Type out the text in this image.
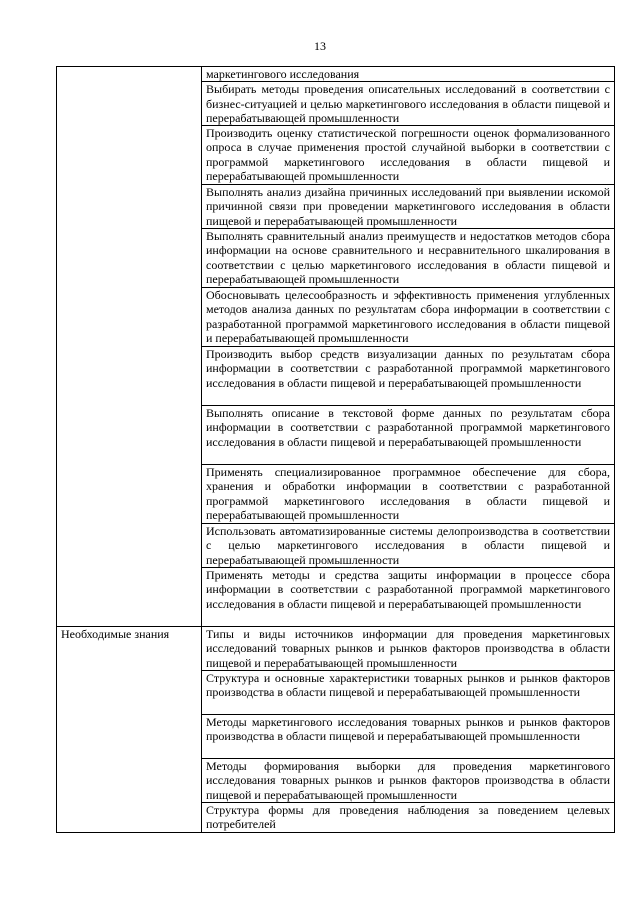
13
	маркетингового исследования
	Выбирать методы проведения описательных исследований в соответствии с бизнес-ситуацией и целью маркетингового исследования в области пищевой и перерабатывающей промышленности
	Производить оценку статистической погрешности оценок формализованного опроса в случае применения простой случайной выборки в соответствии с программой маркетингового исследования в области пищевой и перерабатывающей промышленности
	Выполнять анализ дизайна причинных исследований при выявлении искомой причинной связи при проведении маркетингового исследования в области пищевой и перерабатывающей промышленности
	Выполнять сравнительный анализ преимуществ и недостатков методов сбора информации на основе сравнительного и несравнительного шкалирования в соответствии с целью маркетингового исследования в области пищевой и перерабатывающей промышленности
	Обосновывать целесообразность и эффективность применения углубленных методов анализа данных по результатам сбора информации в соответствии с разработанной программой маркетингового исследования в области пищевой и перерабатывающей промышленности
	Производить выбор средств визуализации данных по результатам сбора информации в соответствии с разработанной программой маркетингового исследования в области пищевой и перерабатывающей промышленности
	Выполнять описание в текстовой форме данных по результатам сбора информации в соответствии с разработанной программой маркетингового исследования в области пищевой и перерабатывающей промышленности
	Применять специализированное программное обеспечение для сбора, хранения и обработки информации в соответствии с разработанной программой маркетингового исследования в области пищевой и перерабатывающей промышленности
	Использовать автоматизированные системы делопроизводства в соответствии с целью маркетингового исследования в области пищевой и перерабатывающей промышленности
	Применять методы и средства защиты информации в процессе сбора информации в соответствии с разработанной программой маркетингового исследования в области пищевой и перерабатывающей промышленности
Необходимые знания	Типы и виды источников информации для проведения маркетинговых исследований товарных рынков и рынков факторов производства в области пищевой и перерабатывающей промышленности
	Структура и основные характеристики товарных рынков и рынков факторов производства в области пищевой и перерабатывающей промышленности
	Методы маркетингового исследования товарных рынков и рынков факторов производства в области пищевой и перерабатывающей промышленности
	Методы формирования выборки для проведения маркетингового исследования товарных рынков и рынков факторов производства в области пищевой и перерабатывающей промышленности
	Структура формы для проведения наблюдения за поведением целевых потребителей
